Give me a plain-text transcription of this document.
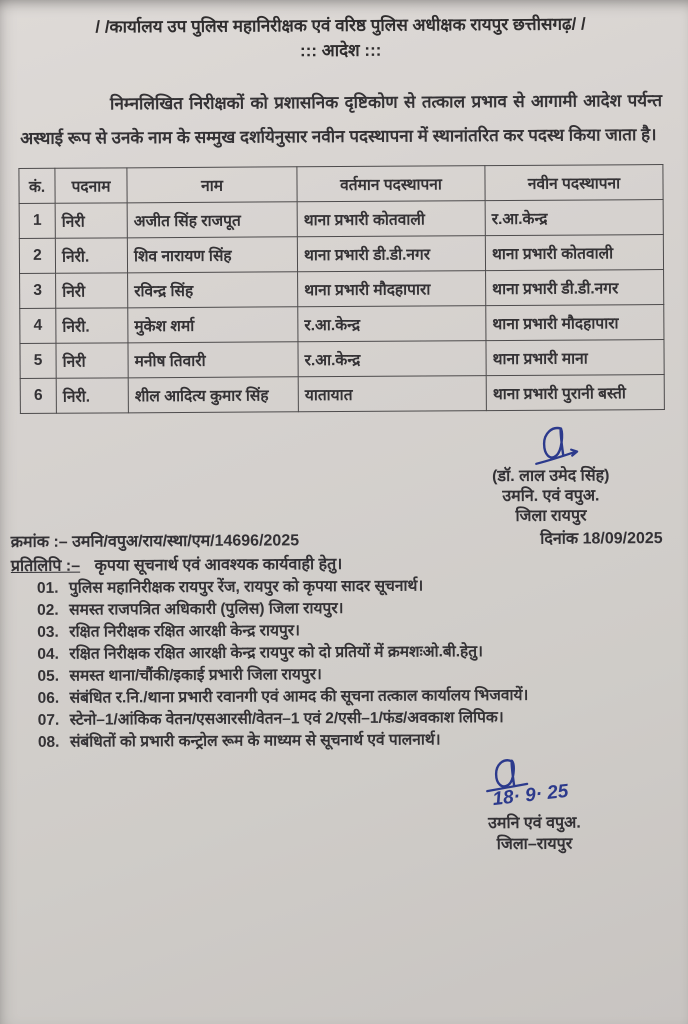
/ /कार्यालय उप पुलिस महानिरीक्षक एवं वरिष्ठ पुलिस अधीक्षक रायपुर छत्तीसगढ़/ /
::: आदेश :::
निम्नलिखित निरीक्षकों को प्रशासनिक दृष्टिकोण से तत्काल प्रभाव से आगामी आदेश पर्यन्त अस्थाई रूप से उनके नाम के सम्मुख दर्शायेनुसार नवीन पदस्थापना में स्थानांतरित कर पदस्थ किया जाता है।
कं.	पदनाम	नाम	वर्तमान पदस्थापना	नवीन पदस्थापना
1	निरी	अजीत सिंह राजपूत	थाना प्रभारी कोतवाली	र.आ.केन्द्र
2	निरी.	शिव नारायण सिंह	थाना प्रभारी डी.डी.नगर	थाना प्रभारी कोतवाली
3	निरी	रविन्द्र सिंह	थाना प्रभारी मौदहापारा	थाना प्रभारी डी.डी.नगर
4	निरी.	मुकेश शर्मा	र.आ.केन्द्र	थाना प्रभारी मौदहापारा
5	निरी	मनीष तिवारी	र.आ.केन्द्र	थाना प्रभारी माना
6	निरी.	शील आदित्य कुमार सिंह	यातायात	थाना प्रभारी पुरानी बस्ती
(डॉ. लाल उमेद सिंह)
उमनि. एवं वपुअ.
जिला रायपुर
क्रमांक :– उमनि/वपुअ/राय/स्था/एम/14696/2025	दिनांक 18/09/2025
प्रतिलिपि :– कृपया सूचनार्थ एवं आवश्यक कार्यवाही हेतु।
01. पुलिस महानिरीक्षक रायपुर रेंज, रायपुर को कृपया सादर सूचनार्थ।
02. समस्त राजपत्रित अधिकारी (पुलिस) जिला रायपुर।
03. रक्षित निरीक्षक रक्षित आरक्षी केन्द्र रायपुर।
04. रक्षित निरीक्षक रक्षित आरक्षी केन्द्र रायपुर को दो प्रतियों में क्रमशःओ.बी.हेतु।
05. समस्त थाना/चौंकी/इकाई प्रभारी जिला रायपुर।
06. संबंधित र.नि./थाना प्रभारी रवानगी एवं आमद की सूचना तत्काल कार्यालय भिजवायें।
07. स्टेनो–1/आंकिक वेतन/एसआरसी/वेतन–1 एवं 2/एसी–1/फंड/अवकाश लिपिक।
08. संबंधितों को प्रभारी कन्ट्रोल रूम के माध्यम से सूचनार्थ एवं पालनार्थ।
18· 9· 25
उमनि एवं वपुअ.
जिला–रायपुर
